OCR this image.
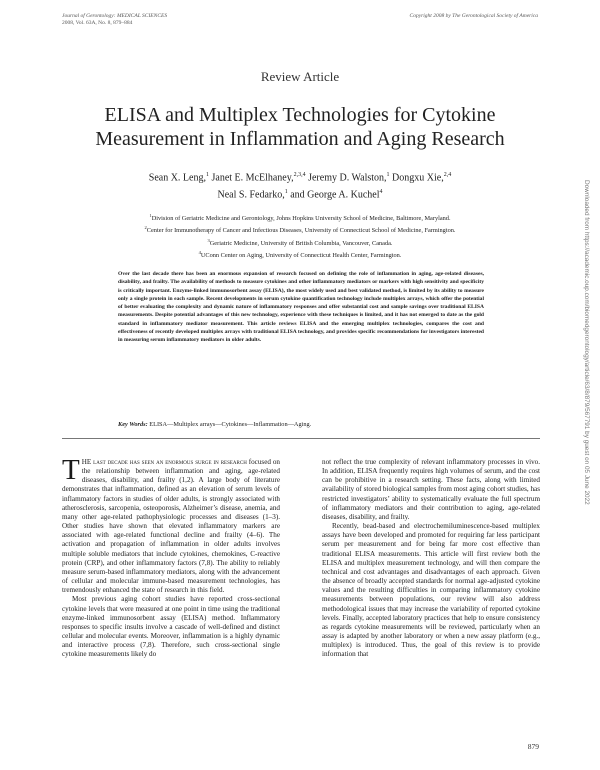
Journal of Gerontology: MEDICAL SCIENCES
2008, Vol. 63A, No. 8, 879–884
Copyright 2008 by The Gerontological Society of America
Review Article
ELISA and Multiplex Technologies for Cytokine
Measurement in Inflammation and Aging Research
Sean X. Leng,$^1$ Janet E. McElhaney,$^{2,3,4}$ Jeremy D. Walston,$^1$ Dongxu Xie,$^{2,4}$
Neal S. Fedarko,$^1$ and George A. Kuchel$^4$
$^1$Division of Geriatric Medicine and Gerontology, Johns Hopkins University School of Medicine, Baltimore, Maryland.
$^2$Center for Immunotherapy of Cancer and Infectious Diseases, University of Connecticut School of Medicine, Farmington.
$^3$Geriatric Medicine, University of British Columbia, Vancouver, Canada.
$^4$UConn Center on Aging, University of Connecticut Health Center, Farmington.
Over the last decade there has been an enormous expansion of research focused on defining the role of inflammation in aging, age-related diseases, disability, and frailty. The availability of methods to measure cytokines and other inflammatory mediators or markers with high sensitivity and specificity is critically important. Enzyme-linked immunosorbent assay (ELISA), the most widely used and best validated method, is limited by its ability to measure only a single protein in each sample. Recent developments in serum cytokine quantification technology include multiplex arrays, which offer the potential of better evaluating the complexity and dynamic nature of inflammatory responses and offer substantial cost and sample savings over traditional ELISA measurements. Despite potential advantages of this new technology, experience with these techniques is limited, and it has not emerged to date as the gold standard in inflammatory mediator measurement. This article reviews ELISA and the emerging multiplex technologies, compares the cost and effectiveness of recently developed multiplex arrays with traditional ELISA technology, and provides specific recommendations for investigators interested in measuring serum inflammatory mediators in older adults.
Key Words: ELISA—Multiplex arrays—Cytokines—Inflammation—Aging.

THE last decade has seen an enormous surge in research focused on the relationship between inflammation and aging, age-related diseases, disability, and frailty (1,2). A large body of literature demonstrates that inflammation, defined as an elevation of serum levels of inflammatory factors in studies of older adults, is strongly associated with atherosclerosis, sarcopenia, osteoporosis, Alzheimer’s disease, anemia, and many other age-related pathophysiologic processes and diseases (1–3). Other studies have shown that elevated inflammatory markers are associated with age-related functional decline and frailty (4–6). The activation and propagation of inflammation in older adults involves multiple soluble mediators that include cytokines, chemokines, C-reactive protein (CRP), and other inflammatory factors (7,8). The ability to reliably measure serum-based inflammatory mediators, along with the advancement of cellular and molecular immune-based measurement technologies, has tremendously enhanced the state of research in this field.

Most previous aging cohort studies have reported cross-sectional cytokine levels that were measured at one point in time using the traditional enzyme-linked immunosorbent assay (ELISA) method. Inflammatory responses to specific insults involve a cascade of well-defined and distinct cellular and molecular events. Moreover, inflammation is a highly dynamic and interactive process (7,8). Therefore, such cross-sectional single cytokine measurements likely do

not reflect the true complexity of relevant inflammatory processes in vivo. In addition, ELISA frequently requires high volumes of serum, and the cost can be prohibitive in a research setting. These facts, along with limited availability of stored biological samples from most aging cohort studies, has restricted investigators’ ability to systematically evaluate the full spectrum of inflammatory mediators and their contribution to aging, age-related diseases, disability, and frailty.

Recently, bead-based and electrochemiluminescence-based multiplex assays have been developed and promoted for requiring far less participant serum per measurement and for being far more cost effective than traditional ELISA measurements. This article will first review both the ELISA and multiplex measurement technology, and will then compare the technical and cost advantages and disadvantages of each approach. Given the absence of broadly accepted standards for normal age-adjusted cytokine values and the resulting difficulties in comparing inflammatory cytokine measurements between populations, our review will also address methodological issues that may increase the variability of reported cytokine levels. Finally, accepted laboratory practices that help to ensure consistency as regards cytokine measurements will be reviewed, particularly when an assay is adapted by another laboratory or when a new assay platform (e.g., multiplex) is introduced. Thus, the goal of this review is to provide information that

879
Downloaded from https://academic.oup.com/biomedgerontology/article/63/8/879/567791 by guest on 05 June 2022
